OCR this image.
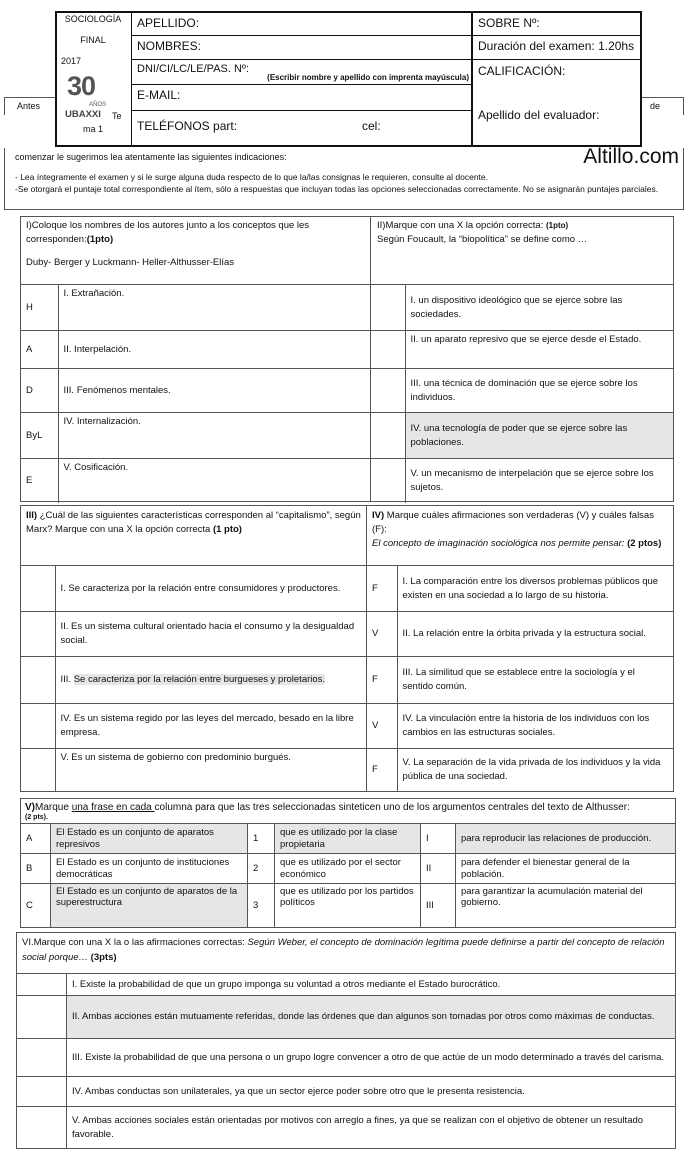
Antes	de
SOCIOLOGÍA
FINAL
2017
30
AÑOS
UBAXXI Te
ma 1
APELLIDO:
NOMBRES:
DNI/CI/LC/LE/PAS. Nº:
(Escribir nombre y apellido con imprenta mayúscula)
E-MAIL:
TELÉFONOS part:	cel:
SOBRE Nº:
Duración del examen: 1.20hs
CALIFICACIÓN:
Apellido del evaluador:
comenzar le sugerimos lea atentamente las siguientes indicaciones:	Altillo.com
- Lea íntegramente el examen y si le surge alguna duda respecto de lo que la/las consignas le requieren, consulte al docente.
-Se otorgará el puntaje total correspondiente al ítem, sólo a respuestas que incluyan todas las opciones seleccionadas correctamente. No se asignarán puntajes parciales.
I)Coloque los nombres de los autores junto a los conceptos que les corresponden:(1pto)
Duby- Berger y Luckmann- Heller-Althusser-Elías
H	I. Extrañación.
A	II. Interpelación.
D	III. Fenómenos mentales.
ByL	IV. Internalización.
E	V. Cosificación.
II)Marque con una X la opción correcta: (1pto)
Según Foucault, la “biopolítica” se define como …
	I. un dispositivo ideológico que se ejerce sobre las sociedades.
	II. un aparato represivo que se ejerce desde el Estado.
	III. una técnica de dominación que se ejerce sobre los individuos.
	IV. una tecnología de poder que se ejerce sobre las poblaciones.
	V. un mecanismo de interpelación que se ejerce sobre los sujetos.
III) ¿Cuál de las siguientes características corresponden al “capitalismo”, según Marx? Marque con una X la opción correcta (1 pto)
	I. Se caracteriza por la relación entre consumidores y productores.
	II. Es un sistema cultural orientado hacia el consumo y la desigualdad social.
	III. Se caracteriza por la relación entre burgueses y proletarios.
	IV. Es un sistema regido por las leyes del mercado, besado en la libre empresa.
	V. Es un sistema de gobierno con predominio burgués.
IV) Marque cuáles afirmaciones son verdaderas (V) y cuáles falsas (F):
El concepto de imaginación sociológica nos permite pensar: (2 ptos)
F	I. La comparación entre los diversos problemas públicos que existen en una sociedad a lo largo de su historia.
V	II. La relación entre la órbita privada y la estructura social.
F	III. La similitud que se establece entre la sociología y el sentido común.
V	IV. La vinculación entre la historia de los individuos con los cambios en las estructuras sociales.
F	V. La separación de la vida privada de los individuos y la vida pública de una sociedad.
V)Marque una frase en cada columna para que las tres seleccionadas sinteticen uno de los argumentos centrales del texto de Althusser:
(2 pts).
A	El Estado es un conjunto de aparatos represivos	1	que es utilizado por la clase propietaria	I	para reproducir las relaciones de producción.
B	El Estado es un conjunto de instituciones democráticas	2	que es utilizado por el sector económico	II	para defender el bienestar general de la población.
C	El Estado es un conjunto de aparatos de la superestructura	3	que es utilizado por los partidos políticos	III	para garantizar la acumulación material del gobierno.
VI.Marque con una X la o las afirmaciones correctas: Según Weber, el concepto de dominación legítima puede definirse a partir del concepto de relación social porque… (3pts)
	I. Existe la probabilidad de que un grupo imponga su voluntad a otros mediante el Estado burocrático.
	II. Ambas acciones están mutuamente referidas, donde las órdenes que dan algunos son tomadas por otros como máximas de conductas.
	III. Existe la probabilidad de que una persona o un grupo logre convencer a otro de que actúe de un modo determinado a través del carisma.
	IV. Ambas conductas son unilaterales, ya que un sector ejerce poder sobre otro que le presenta resistencia.
	V. Ambas acciones sociales están orientadas por motivos con arreglo a fines, ya que se realizan con el objetivo de obtener un resultado favorable.
